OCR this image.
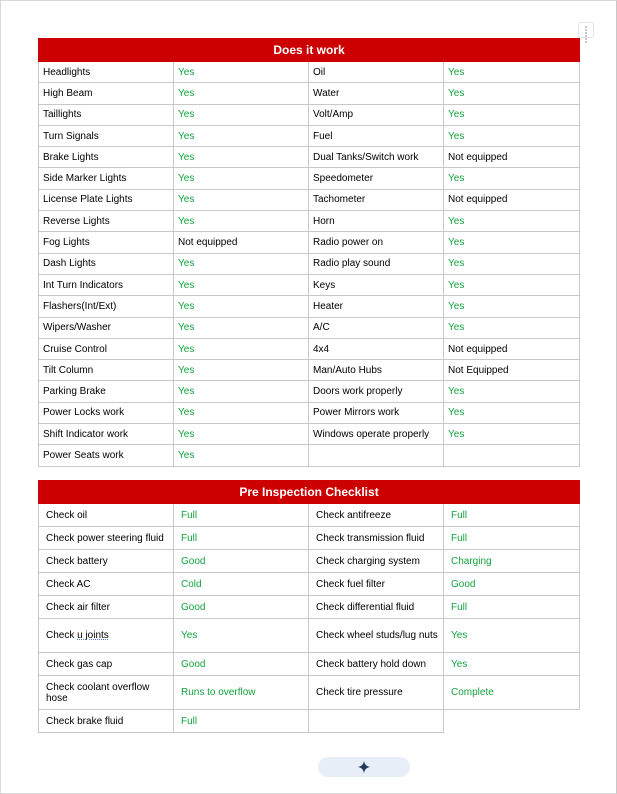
Does it work			
Headlights	Yes	Oil	Yes
High Beam	Yes	Water	Yes
Taillights	Yes	Volt/Amp	Yes
Turn Signals	Yes	Fuel	Yes
Brake Lights	Yes	Dual Tanks/Switch work	Not equipped
Side Marker Lights	Yes	Speedometer	Yes
License Plate Lights	Yes	Tachometer	Not equipped
Reverse Lights	Yes	Horn	Yes
Fog Lights	Not equipped	Radio power on	Yes
Dash Lights	Yes	Radio play sound	Yes
Int Turn Indicators	Yes	Keys	Yes
Flashers(Int/Ext)	Yes	Heater	Yes
Wipers/Washer	Yes	A/C	Yes
Cruise Control	Yes	4x4	Not equipped
Tilt Column	Yes	Man/Auto Hubs	Not Equipped
Parking Brake	Yes	Doors work properly	Yes
Power Locks work	Yes	Power Mirrors work	Yes
Shift Indicator work	Yes	Windows operate properly	Yes
Power Seats work	Yes		
Pre Inspection Checklist			
Check oil	Full	Check antifreeze	Full
Check power steering fluid	Full	Check transmission fluid	Full
Check battery	Good	Check charging system	Charging
Check AC	Cold	Check fuel filter	Good
Check air filter	Good	Check differential fluid	Full
Check u joints	Yes	Check wheel studs/lug nuts	Yes
Check gas cap	Good	Check battery hold down	Yes
Check coolant overflow hose	Runs to overflow	Check tire pressure	Complete
Check brake fluid	Full		
